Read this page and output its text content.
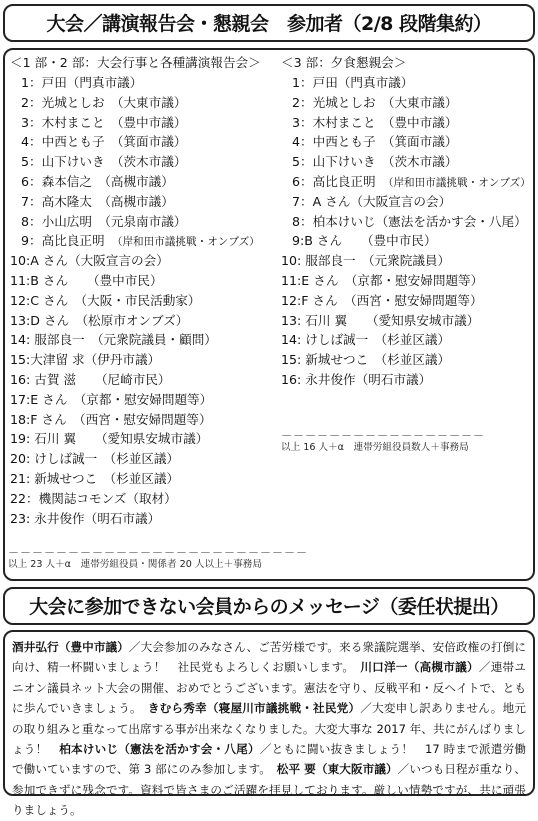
大会／講演報告会・懇親会　参加者（2/8 段階集約）
＜1 部・2 部：大会行事と各種講演報告会＞
1：戸田（門真市議）
2：光城としお　（大東市議）
3：木村まこと　（豊中市議）
4：中西とも子　（箕面市議）
5：山下けいき　（茨木市議）
6：森本信之　（高槻市議）
7：高木隆太　（高槻市議）
8：小山広明　（元泉南市議）
9：高比良正明　（岸和田市議挑戦・オンブズ）
10:A さん（大阪宣言の会）
11:B さん　　（豊中市民）
12:C さん　（大阪・市民活動家）
13:D さん　（松原市オンブズ）
14: 服部良一　（元衆院議員・顧問）
15:大津留 求（伊丹市議）
16: 古賀 滋　　（尼崎市民）
17:E さん　（京都・慰安婦問題等）
18:F さん　（西宮・慰安婦問題等）
19: 石川 翼　　（愛知県安城市議）
20: けしば誠一　（杉並区議）
21: 新城せつこ　（杉並区議）
22：機関誌コモンズ（取材）
23: 永井俊作（明石市議）
－－－－－－－－－－－－－－－－－－－－－－－－－
以上 23 人＋α　連帯労組役員・関係者 20 人以上＋事務局
＜3 部：夕食懇親会＞
1：戸田（門真市議）
2：光城としお　（大東市議）
3：木村まこと　（豊中市議）
4：中西とも子　（箕面市議）
5：山下けいき　（茨木市議）
6：高比良正明　（岸和田市議挑戦・オンブズ）
7：A さん（大阪宣言の会）
8：柏本けいじ（憲法を活かす会・八尾）
9:B さん　　（豊中市民）
10: 服部良一　（元衆院議員）
11:E さん　（京都・慰安婦問題等）
12:F さん　（西宮・慰安婦問題等）
13: 石川 翼　　（愛知県安城市議）
14: けしば誠一　（杉並区議）
15: 新城せつこ　（杉並区議）
16: 永井俊作（明石市議）
－－－－－－－－－－－－－－－－－
以上 16 人＋α　連帯労組役員数人＋事務局
大会に参加できない会員からのメッセージ（委任状提出）
酒井弘行（豊中市議）／大会参加のみなさん、ご苦労様です。来る衆議院選挙、安倍政権の打倒に向け、精一杯闘いましょう！　社民党もよろしくお願いします。　川口洋一（高槻市議）／連帯ユニオン議員ネット大会の開催、おめでとうございます。憲法を守り、反戦平和・反ヘイトで、ともに歩んでいきましょう。　きむら秀幸（寝屋川市議挑戦・社民党）／大変申し訳ありません。地元の取り組みと重なって出席する事が出来なくなりました。大変大事な 2017 年、共にがんばりましょう！　柏本けいじ（憲法を活かす会・八尾）／ともに闘い抜きましょう！　17 時まで派遣労働で働いていますので、第 3 部にのみ参加します。　松平 要（東大阪市議）／いつも日程が重なり、参加できずに残念です。資料で皆さまのご活躍を拝見しております。厳しい情勢ですが、共に頑張りましょう。
